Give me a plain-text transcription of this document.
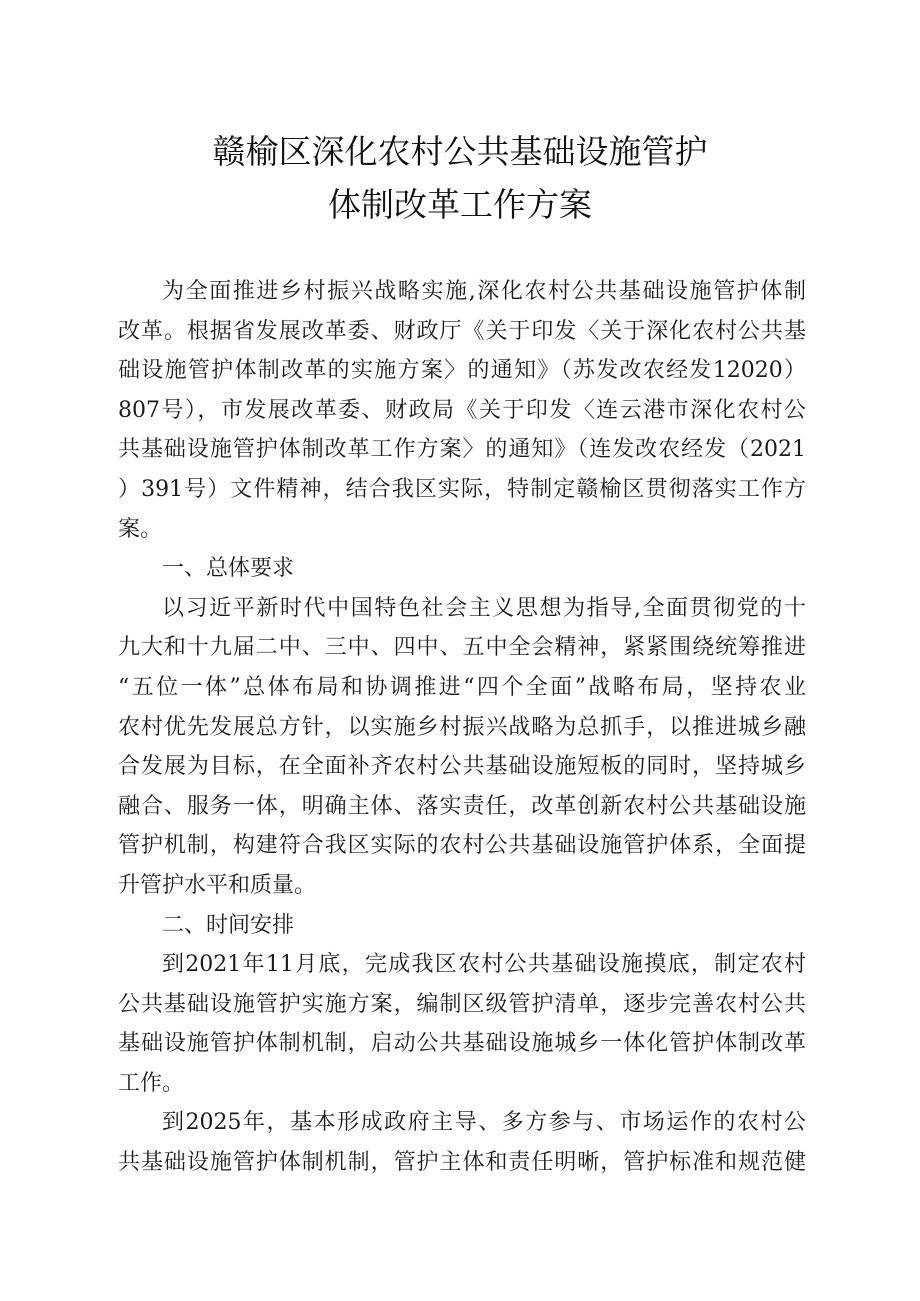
赣榆区深化农村公共基础设施管护
体制改革工作方案
为全面推进乡村振兴战略实施,深化农村公共基础设施管护体制
改革。根据省发展改革委、财政厅《关于印发〈关于深化农村公共基
础设施管护体制改革的实施方案〉的通知》（苏发改农经发12020）
807号），市发展改革委、财政局《关于印发〈连云港市深化农村公
共基础设施管护体制改革工作方案〉的通知》（连发改农经发（2021
）391号）文件精神，结合我区实际，特制定赣榆区贯彻落实工作方
案。
一、总体要求
以习近平新时代中国特色社会主义思想为指导,全面贯彻党的十
九大和十九届二中、三中、四中、五中全会精神，紧紧围绕统筹推进
“五位一体”总体布局和协调推进“四个全面”战略布局，坚持农业
农村优先发展总方针，以实施乡村振兴战略为总抓手，以推进城乡融
合发展为目标，在全面补齐农村公共基础设施短板的同时，坚持城乡
融合、服务一体，明确主体、落实责任，改革创新农村公共基础设施
管护机制，构建符合我区实际的农村公共基础设施管护体系，全面提
升管护水平和质量。
二、时间安排
到2021年11月底，完成我区农村公共基础设施摸底，制定农村
公共基础设施管护实施方案，编制区级管护清单，逐步完善农村公共
基础设施管护体制机制，启动公共基础设施城乡一体化管护体制改革
工作。
到2025年，基本形成政府主导、多方参与、市场运作的农村公
共基础设施管护体制机制，管护主体和责任明晰，管护标准和规范健
